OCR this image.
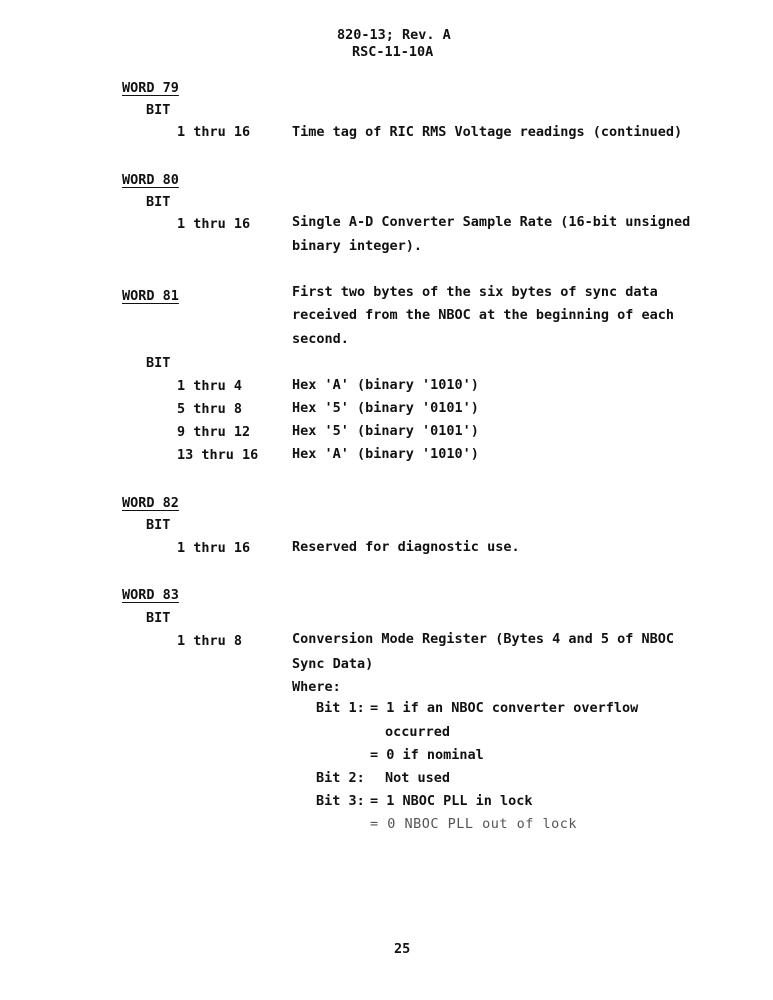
820-13; Rev. A
RSC-11-10A
WORD 79
BIT
1 thru 16	Time tag of RIC RMS Voltage readings (continued)
WORD 80
BIT
1 thru 16	Single A-D Converter Sample Rate (16-bit unsigned
binary integer).
WORD 81	First two bytes of the six bytes of sync data
received from the NBOC at the beginning of each
second.
BIT
1 thru 4	Hex 'A' (binary '1010')
5 thru 8	Hex '5' (binary '0101')
9 thru 12	Hex '5' (binary '0101')
13 thru 16 Hex 'A' (binary '1010')
WORD 82
BIT
1 thru 16	Reserved for diagnostic use.
WORD 83
BIT
1 thru 8	Conversion Mode Register (Bytes 4 and 5 of NBOC
Sync Data)
Where:
Bit 1: = 1 if an NBOC converter overflow
occurred
= 0 if nominal
Bit 2: Not used
Bit 3: = 1 NBOC PLL in lock
= 0 NBOC PLL out of lock
25
